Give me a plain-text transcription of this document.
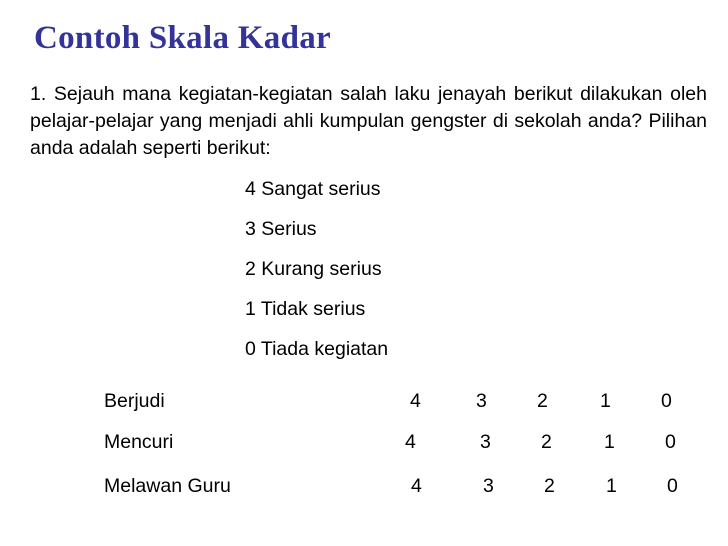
Contoh Skala Kadar
1. Sejauh mana kegiatan-kegiatan salah laku jenayah berikut dilakukan oleh pelajar-pelajar yang menjadi ahli kumpulan gengster di sekolah anda? Pilihan anda adalah seperti berikut:
4 Sangat serius
3 Serius
2 Kurang serius
1 Tidak serius
0 Tiada kegiatan
Berjudi	4	3	2	1	0
Mencuri	4	3	2	1	0
Melawan Guru	4	3	2	1	0
